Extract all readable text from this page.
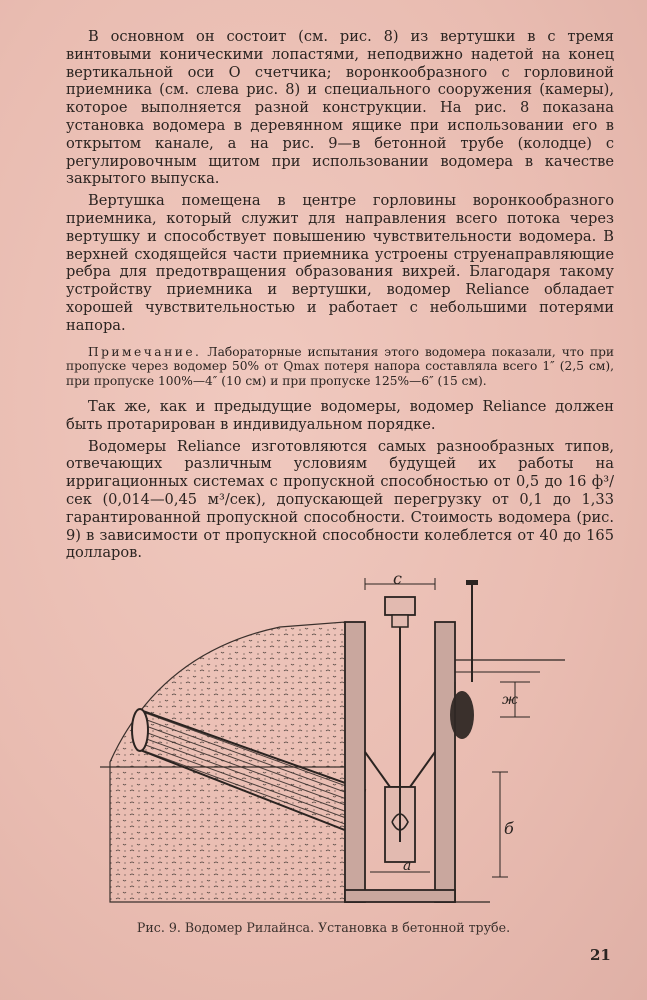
В основном он состоит (см. рис. 8) из вертушки в с тремя винтовыми коническими лопастями, неподвижно надетой на конец вертикальной оси О счетчика; воронкообразного с горловиной приемника (см. слева рис. 8) и специального сооружения (камеры), которое выполняется разной конструкции. На рис. 8 показана установка водомера в деревянном ящике при использовании его в открытом канале, а на рис. 9—в бетонной трубе (колодце) с регулировочным щитом при использовании водомера в качестве закрытого выпуска.

Вертушка помещена в центре горловины воронкообразного приемника, который служит для направления всего потока через вертушку и способствует повышению чувствительности водомера. В верхней сходящейся части приемника устроены струенаправляющие ребра для предотвращения образования вихрей. Благодаря такому устройству приемника и вертушки, водомер Reliance обладает хорошей чувствительностью и работает с небольшими потерями напора.

Примечание. Лабораторные испытания этого водомера показали, что при пропуске через водомер 50% от Qmax потеря напора составляла всего 1″ (2,5 см), при пропуске 100%—4″ (10 см) и при пропуске 125%—6″ (15 см).

Так же, как и предыдущие водомеры, водомер Reliance должен быть протарирован в индивидуальном порядке.

Водомеры Reliance изготовляются самых разнообразных типов, отвечающих различным условиям будущей их работы на ирригационных системах с пропускной способностью от 0,5 до 16 ф³/сек (0,014—0,45 м³/сек), допускающей перегрузку от 0,1 до 1,33 гарантированной пропускной способности. Стоимость водомера (рис. 9) в зависимости от пропускной способности колеблется от 40 до 165 долларов.

c
ж
б
а
Рис. 9. Водомер Рилайнса. Установка в бетонной трубе.
21
